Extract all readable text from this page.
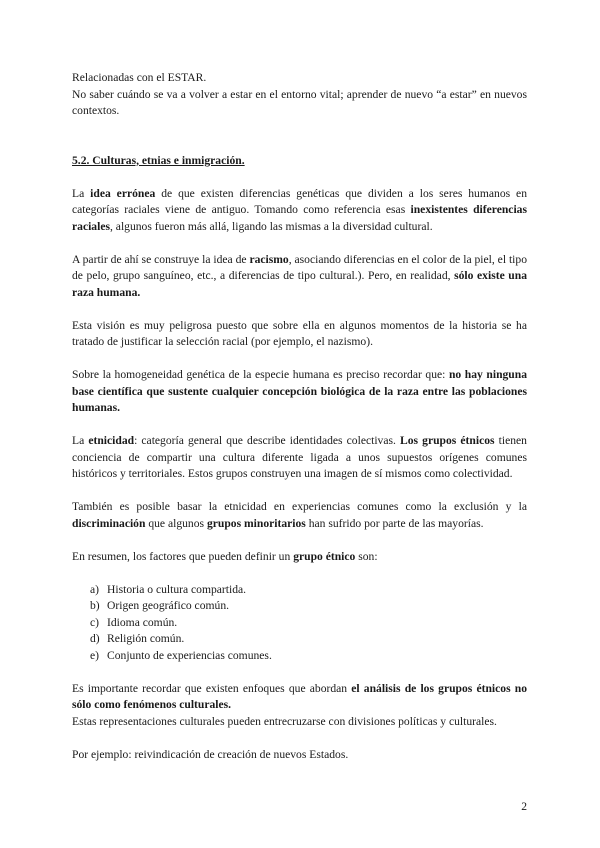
Relacionadas con el ESTAR.

No saber cuándo se va a volver a estar en el entorno vital; aprender de nuevo “a estar” en nuevos contextos.

5.2. Culturas, etnias e inmigración.

La idea errónea de que existen diferencias genéticas que dividen a los seres humanos en categorías raciales viene de antiguo. Tomando como referencia esas inexistentes diferencias raciales, algunos fueron más allá, ligando las mismas a la diversidad cultural.

A partir de ahí se construye la idea de racismo, asociando diferencias en el color de la piel, el tipo de pelo, grupo sanguíneo, etc., a diferencias de tipo cultural.). Pero, en realidad, sólo existe una raza humana.

Esta visión es muy peligrosa puesto que sobre ella en algunos momentos de la historia se ha tratado de justificar la selección racial (por ejemplo, el nazismo).

Sobre la homogeneidad genética de la especie humana es preciso recordar que: no hay ninguna base científica que sustente cualquier concepción biológica de la raza entre las poblaciones humanas.

La etnicidad: categoría general que describe identidades colectivas. Los grupos étnicos tienen conciencia de compartir una cultura diferente ligada a unos supuestos orígenes comunes históricos y territoriales. Estos grupos construyen una imagen de sí mismos como colectividad.

También es posible basar la etnicidad en experiencias comunes como la exclusión y la discriminación que algunos grupos minoritarios han sufrido por parte de las mayorías.

En resumen, los factores que pueden definir un grupo étnico son:

a) Historia o cultura compartida.
b) Origen geográfico común.
c) Idioma común.
d) Religión común.
e) Conjunto de experiencias comunes.

Es importante recordar que existen enfoques que abordan el análisis de los grupos étnicos no sólo como fenómenos culturales.

Estas representaciones culturales pueden entrecruzarse con divisiones políticas y culturales.

Por ejemplo: reivindicación de creación de nuevos Estados.

2
